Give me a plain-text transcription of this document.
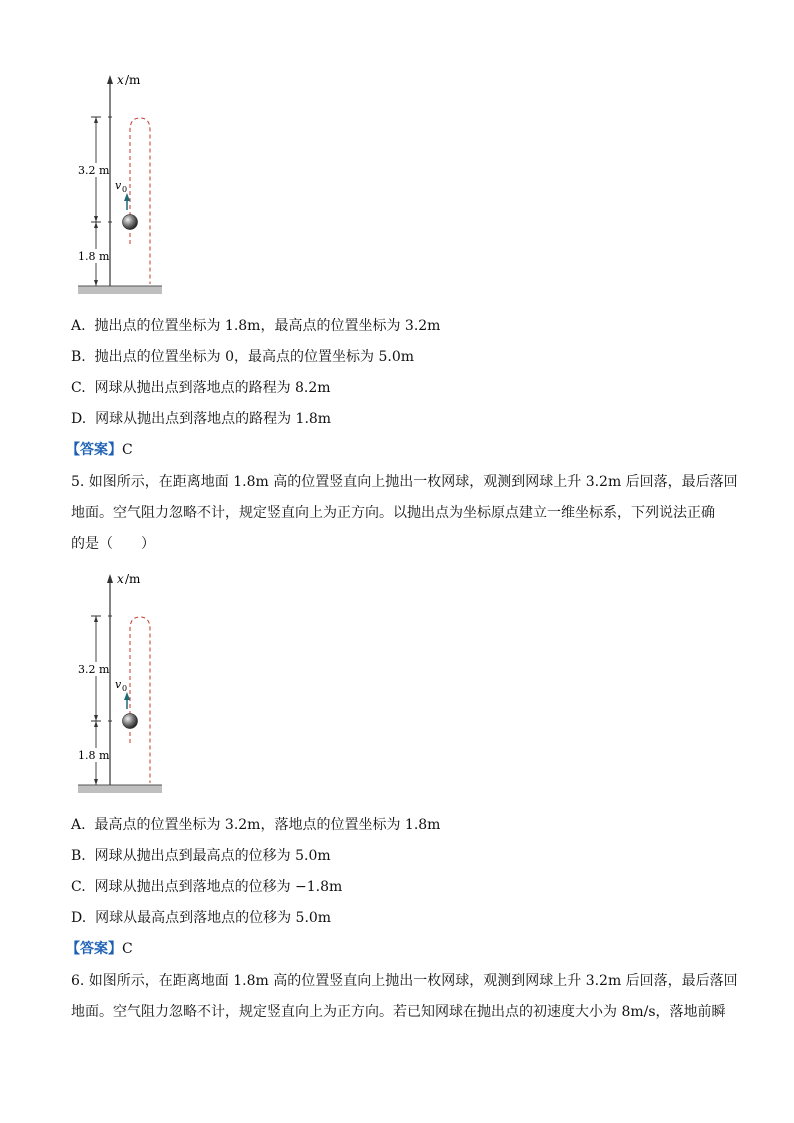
x /m
3.2 m
1.8 m
v 0
A. 抛出点的位置坐标为 1.8m，最高点的位置坐标为 3.2m
B. 抛出点的位置坐标为 0，最高点的位置坐标为 5.0m
C. 网球从抛出点到落地点的路程为 8.2m
D. 网球从抛出点到落地点的路程为 1.8m
【答案】C
5. 如图所示，在距离地面 1.8m 高的位置竖直向上抛出一枚网球，观测到网球上升 3.2m 后回落，最后落回
地面。空气阻力忽略不计，规定竖直向上为正方向。以抛出点为坐标原点建立一维坐标系，下列说法正确
的是（　　）
x /m
3.2 m
1.8 m
v 0
A. 最高点的位置坐标为 3.2m，落地点的位置坐标为 1.8m
B. 网球从抛出点到最高点的位移为 5.0m
C. 网球从抛出点到落地点的位移为 −1.8m
D. 网球从最高点到落地点的位移为 5.0m
【答案】C
6. 如图所示，在距离地面 1.8m 高的位置竖直向上抛出一枚网球，观测到网球上升 3.2m 后回落，最后落回
地面。空气阻力忽略不计，规定竖直向上为正方向。若已知网球在抛出点的初速度大小为 8m/s，落地前瞬
